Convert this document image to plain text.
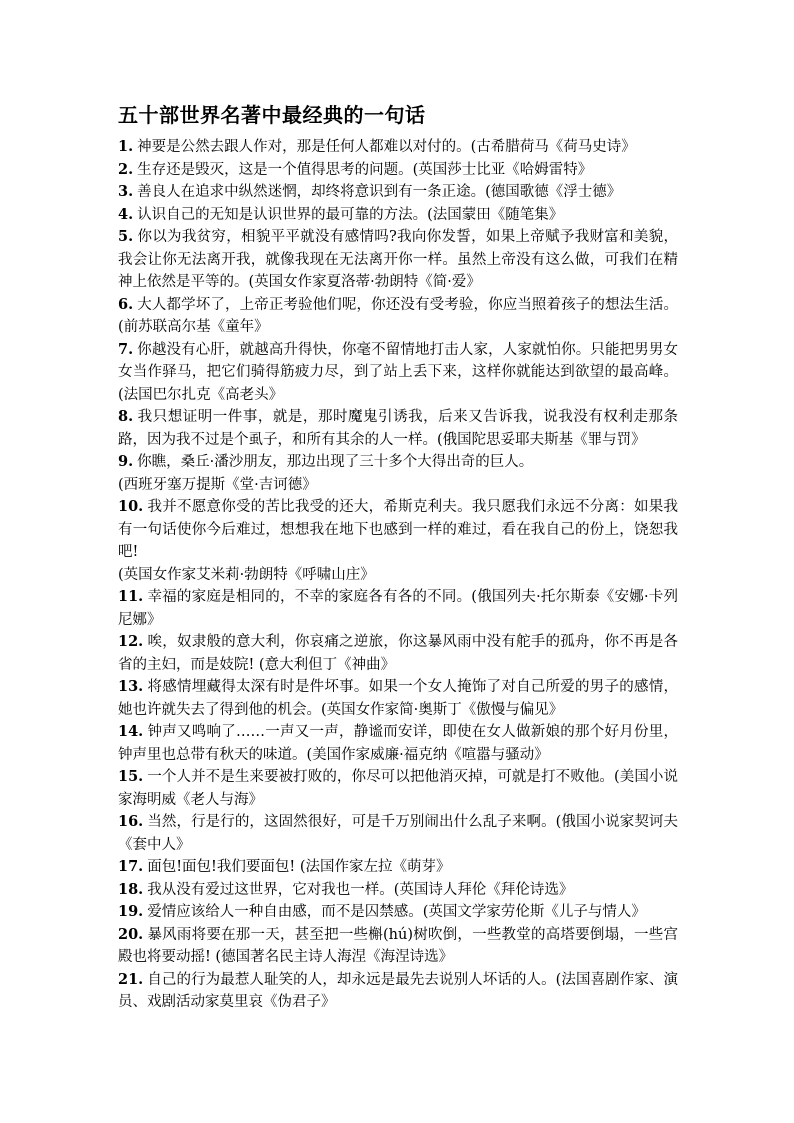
五十部世界名著中最经典的一句话

1. 神要是公然去跟人作对，那是任何人都难以对付的。(古希腊荷马《荷马史诗》

2. 生存还是毁灭，这是一个值得思考的问题。(英国莎士比亚《哈姆雷特》

3. 善良人在追求中纵然迷惘，却终将意识到有一条正途。(德国歌德《浮士德》

4. 认识自己的无知是认识世界的最可靠的方法。(法国蒙田《随笔集》

5. 你以为我贫穷，相貌平平就没有感情吗?我向你发誓，如果上帝赋予我财富和美貌，我会让你无法离开我，就像我现在无法离开你一样。虽然上帝没有这么做，可我们在精神上依然是平等的。(英国女作家夏洛蒂·勃朗特《简·爱》

6. 大人都学坏了，上帝正考验他们呢，你还没有受考验，你应当照着孩子的想法生活。(前苏联高尔基《童年》

7. 你越没有心肝，就越高升得快，你毫不留情地打击人家，人家就怕你。只能把男男女女当作驿马，把它们骑得筋疲力尽，到了站上丢下来，这样你就能达到欲望的最高峰。(法国巴尔扎克《高老头》

8. 我只想证明一件事，就是，那时魔鬼引诱我，后来又告诉我，说我没有权利走那条路，因为我不过是个虱子，和所有其余的人一样。(俄国陀思妥耶夫斯基《罪与罚》

9. 你瞧，桑丘·潘沙朋友，那边出现了三十多个大得出奇的巨人。

(西班牙塞万提斯《堂·吉诃德》

10. 我并不愿意你受的苦比我受的还大，希斯克利夫。我只愿我们永远不分离：如果我有一句话使你今后难过，想想我在地下也感到一样的难过，看在我自己的份上，饶恕我吧!

(英国女作家艾米莉·勃朗特《呼啸山庄》

11. 幸福的家庭是相同的，不幸的家庭各有各的不同。(俄国列夫·托尔斯泰《安娜·卡列尼娜》

12. 唉，奴隶般的意大利，你哀痛之逆旅，你这暴风雨中没有舵手的孤舟，你不再是各省的主妇，而是妓院! (意大利但丁《神曲》

13. 将感情埋藏得太深有时是件坏事。如果一个女人掩饰了对自己所爱的男子的感情，她也许就失去了得到他的机会。(英国女作家简·奥斯丁《傲慢与偏见》

14. 钟声又鸣响了……一声又一声，静谧而安详，即使在女人做新娘的那个好月份里，钟声里也总带有秋天的味道。(美国作家威廉·福克纳《喧嚣与骚动》

15. 一个人并不是生来要被打败的，你尽可以把他消灭掉，可就是打不败他。(美国小说家海明威《老人与海》

16. 当然，行是行的，这固然很好，可是千万别闹出什么乱子来啊。(俄国小说家契诃夫《套中人》

17. 面包!面包!我们要面包! (法国作家左拉《萌芽》

18. 我从没有爱过这世界，它对我也一样。(英国诗人拜伦《拜伦诗选》

19. 爱情应该给人一种自由感，而不是囚禁感。(英国文学家劳伦斯《儿子与情人》

20. 暴风雨将要在那一天，甚至把一些槲(hú)树吹倒，一些教堂的高塔要倒塌，一些宫殿也将要动摇! (德国著名民主诗人海涅《海涅诗选》

21. 自己的行为最惹人耻笑的人，却永远是最先去说别人坏话的人。(法国喜剧作家、演员、戏剧活动家莫里哀《伪君子》
